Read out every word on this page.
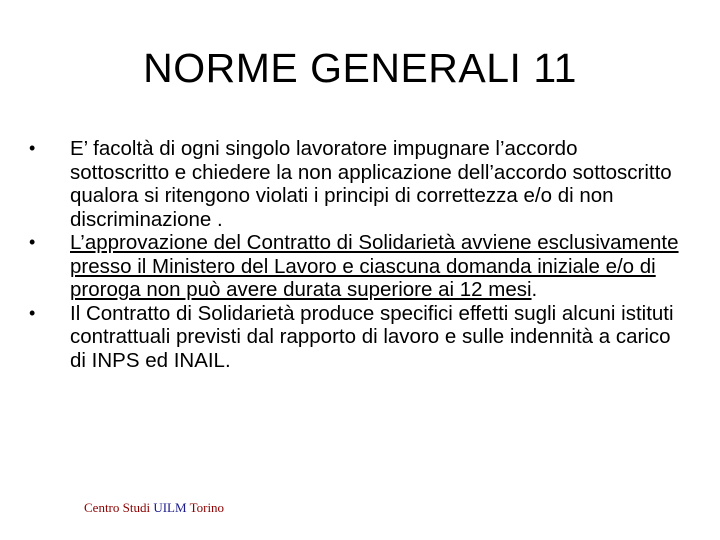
NORME GENERALI 11
• E’ facoltà di ogni singolo lavoratore impugnare l’accordo sottoscritto e chiedere la non applicazione dell’accordo sottoscritto qualora si ritengono violati i principi di correttezza e/o di non discriminazione .
• L’approvazione del Contratto di Solidarietà avviene esclusivamente presso il Ministero del Lavoro e ciascuna domanda iniziale e/o di proroga non può avere durata superiore ai 12 mesi.
• Il Contratto di Solidarietà produce specifici effetti sugli alcuni istituti contrattuali previsti dal rapporto di lavoro e sulle indennità a carico di INPS ed INAIL.
Centro Studi UILM Torino
